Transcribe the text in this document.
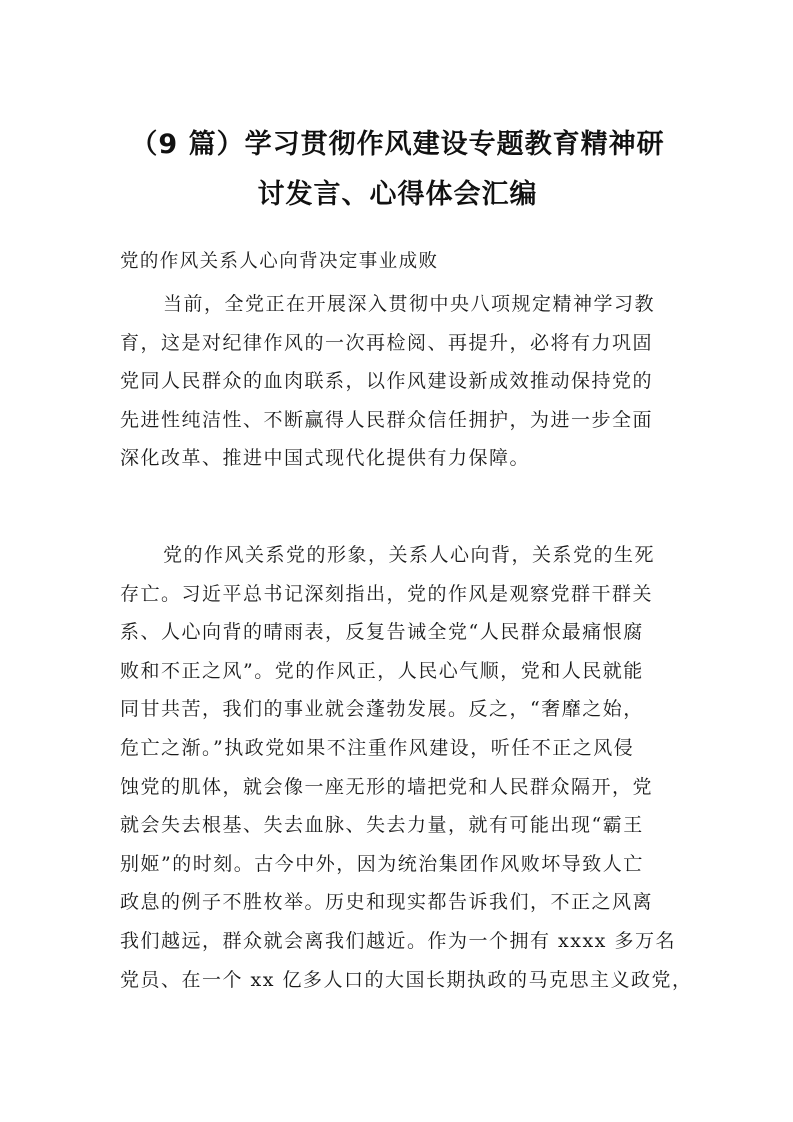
（9 篇）学习贯彻作风建设专题教育精神研
讨发言、心得体会汇编
党的作风关系人心向背决定事业成败
当前，全党正在开展深入贯彻中央八项规定精神学习教
育，这是对纪律作风的一次再检阅、再提升，必将有力巩固
党同人民群众的血肉联系，以作风建设新成效推动保持党的
先进性纯洁性、不断赢得人民群众信任拥护，为进一步全面
深化改革、推进中国式现代化提供有力保障。
党的作风关系党的形象，关系人心向背，关系党的生死
存亡。习近平总书记深刻指出，党的作风是观察党群干群关
系、人心向背的晴雨表，反复告诫全党“人民群众最痛恨腐
败和不正之风”。党的作风正，人民心气顺，党和人民就能
同甘共苦，我们的事业就会蓬勃发展。反之，“奢靡之始，
危亡之渐。”执政党如果不注重作风建设，听任不正之风侵
蚀党的肌体，就会像一座无形的墙把党和人民群众隔开，党
就会失去根基、失去血脉、失去力量，就有可能出现“霸王
别姬”的时刻。古今中外，因为统治集团作风败坏导致人亡
政息的例子不胜枚举。历史和现实都告诉我们，不正之风离
我们越远，群众就会离我们越近。作为一个拥有 xxxx 多万名
党员、在一个 xx 亿多人口的大国长期执政的马克思主义政党，
